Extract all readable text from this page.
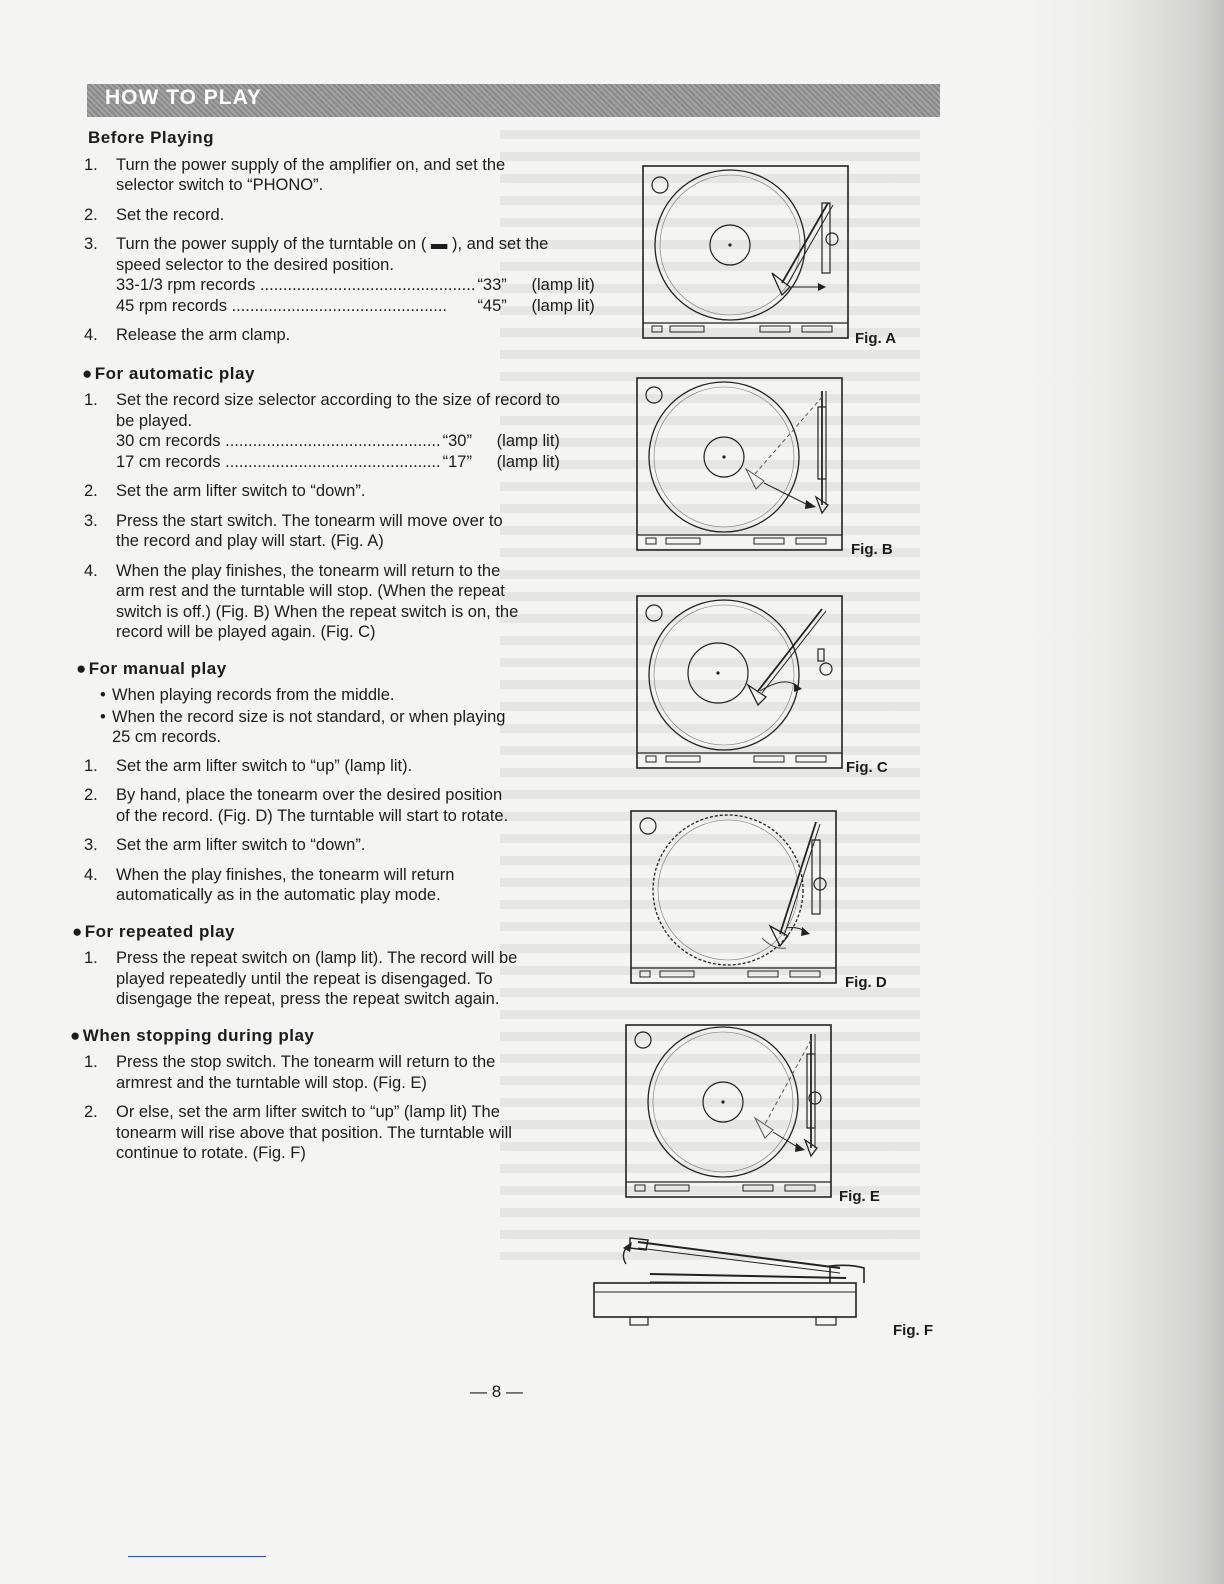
HOW TO PLAY
Before Playing
1.	Turn the power supply of the amplifier on, and set the selector switch to “PHONO”.
2.	Set the record.
3.	Turn the power supply of the turntable on ( ▬ ), and set the speed selector to the desired position.
33-1/3 rpm records .....	“33”	(lamp lit)
45 rpm records .....	“45”	(lamp lit)
4.	Release the arm clamp.
● For automatic play
1.	Set the record size selector according to the size of record to be played.
30 cm records .....	“30”	(lamp lit)
17 cm records .....	“17”	(lamp lit)
2.	Set the arm lifter switch to “down”.
3.	Press the start switch. The tonearm will move over to the record and play will start. (Fig. A)
4.	When the play finishes, the tonearm will return to the arm rest and the turntable will stop. (When the repeat switch is off.) (Fig. B) When the repeat switch is on, the record will be played again. (Fig. C)
● For manual play
• When playing records from the middle.
• When the record size is not standard, or when playing 25 cm records.
1.	Set the arm lifter switch to “up” (lamp lit).
2.	By hand, place the tonearm over the desired position of the record. (Fig. D) The turntable will start to rotate.
3.	Set the arm lifter switch to “down”.
4.	When the play finishes, the tonearm will return automatically as in the automatic play mode.
● For repeated play
1.	Press the repeat switch on (lamp lit). The record will be played repeatedly until the repeat is disengaged. To disengage the repeat, press the repeat switch again.
● When stopping during play
1.	Press the stop switch. The tonearm will return to the armrest and the turntable will stop. (Fig. E)
2.	Or else, set the arm lifter switch to “up” (lamp lit) The tonearm will rise above that position. The turntable will continue to rotate. (Fig. F)
Fig. A
Fig. B
Fig. C
Fig. D
Fig. E
Fig. F
— 8 —
